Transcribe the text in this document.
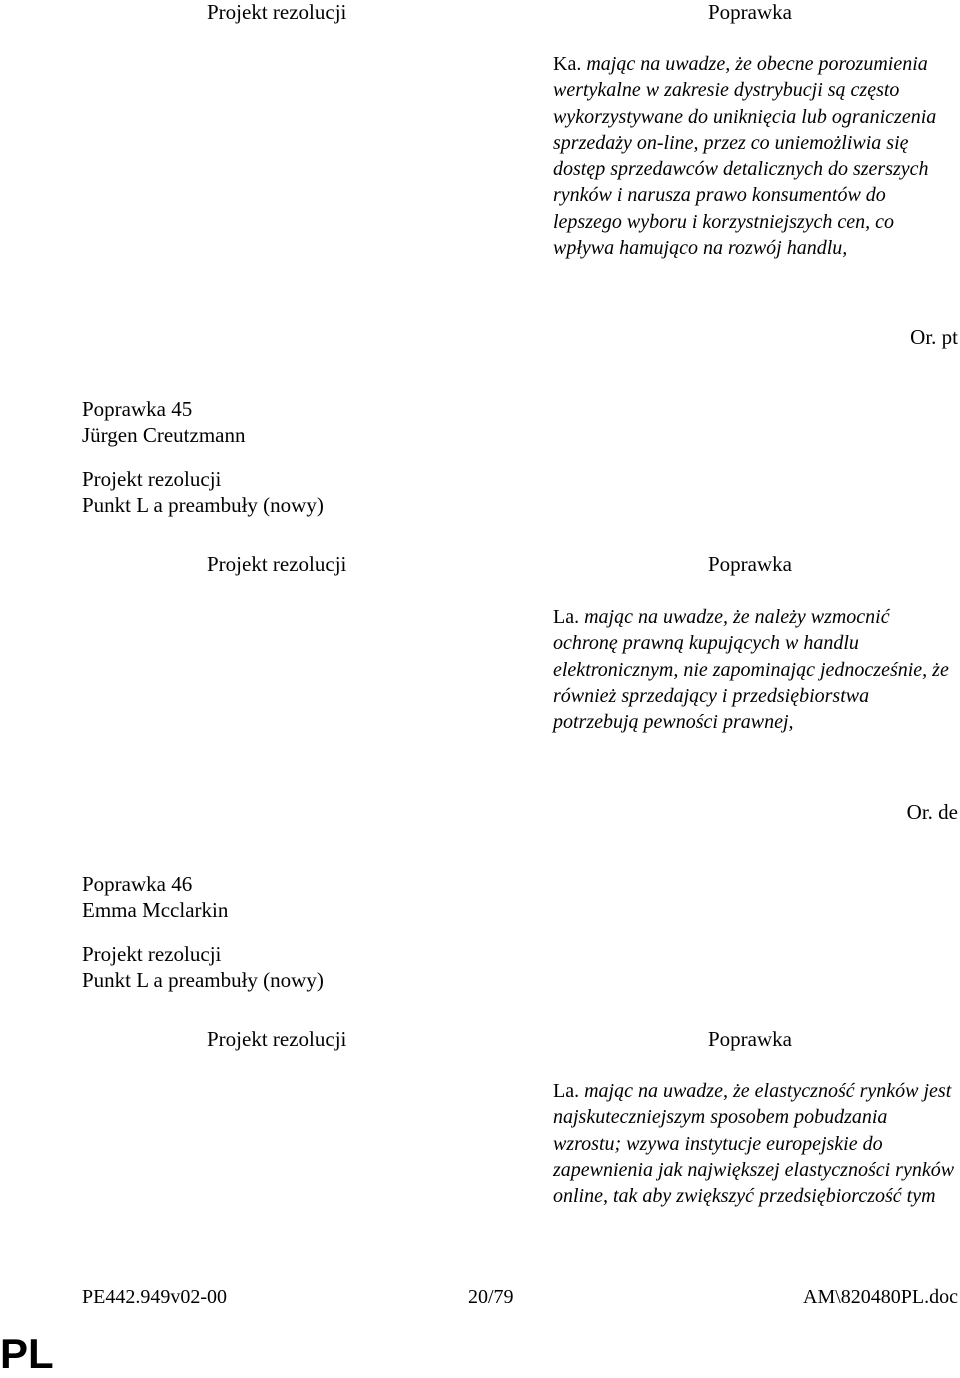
Projekt rezolucji	Poprawka
Ka. mając na uwadze, że obecne porozumienia wertykalne w zakresie dystrybucji są często wykorzystywane do uniknięcia lub ograniczenia sprzedaży on-line, przez co uniemożliwia się dostęp sprzedawców detalicznych do szerszych rynków i narusza prawo konsumentów do lepszego wyboru i korzystniejszych cen, co wpływa hamująco na rozwój handlu,
Or. pt
Poprawka 45
Jürgen Creutzmann
Projekt rezolucji
Punkt L a preambuły (nowy)
Projekt rezolucji	Poprawka
La. mając na uwadze, że należy wzmocnić ochronę prawną kupujących w handlu elektronicznym, nie zapominając jednocześnie, że również sprzedający i przedsiębiorstwa potrzebują pewności prawnej,
Or. de
Poprawka 46
Emma Mcclarkin
Projekt rezolucji
Punkt L a preambuły (nowy)
Projekt rezolucji	Poprawka
La. mając na uwadze, że elastyczność rynków jest najskuteczniejszym sposobem pobudzania wzrostu; wzywa instytucje europejskie do zapewnienia jak największej elastyczności rynków online, tak aby zwiększyć przedsiębiorczość tym
PE442.949v02-00	20/79	AM\820480PL.doc
PL
